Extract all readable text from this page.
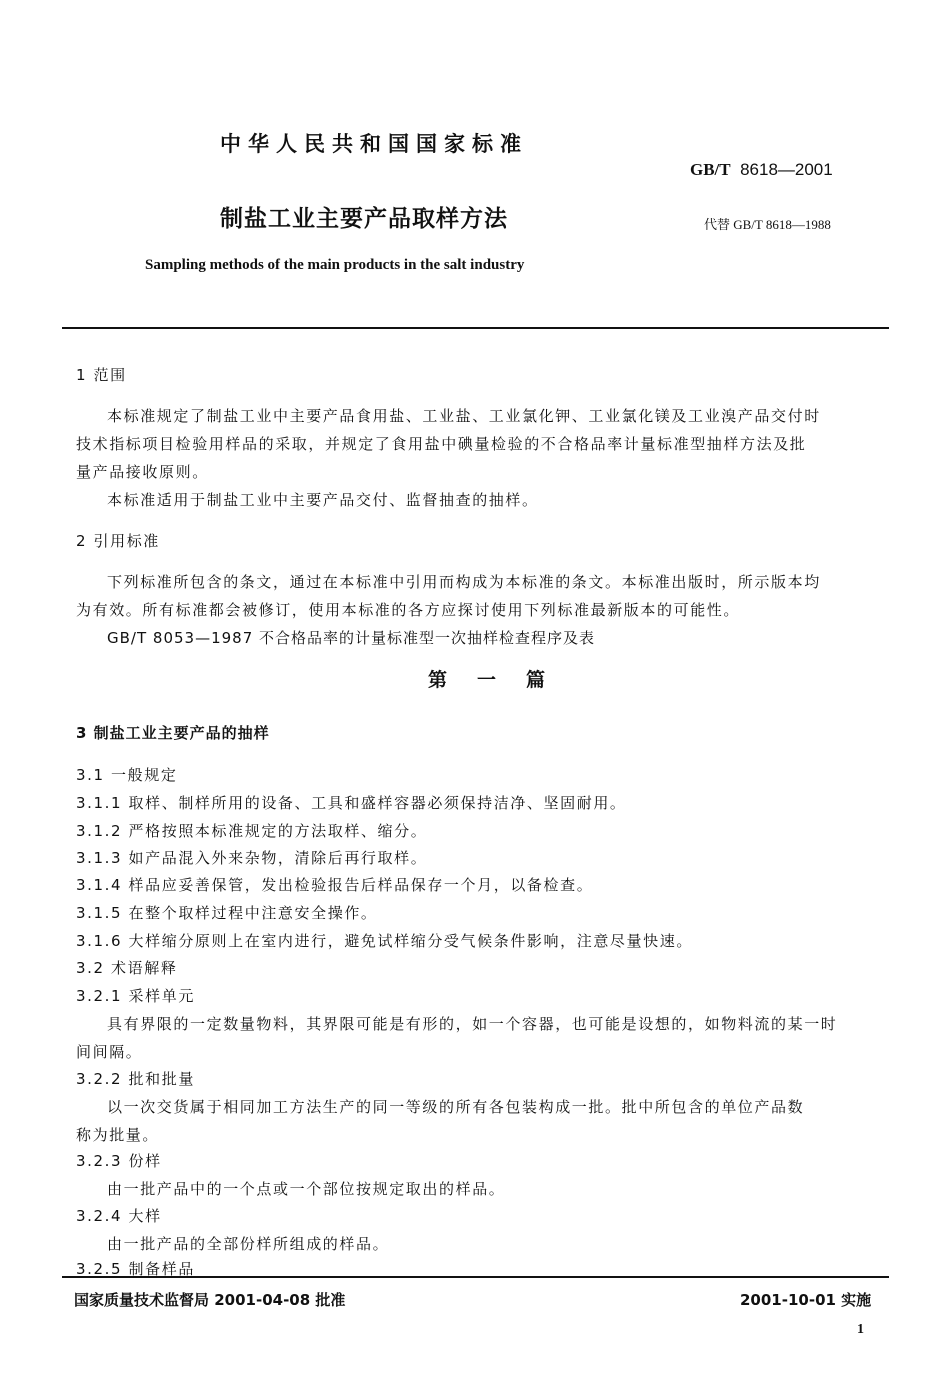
中华人民共和国国家标准
GB/T 8618—2001
制盐工业主要产品取样方法	代替 GB/T 8618—1988
Sampling methods of the main products in the salt industry
1 范围
本标准规定了制盐工业中主要产品食用盐、工业盐、工业氯化钾、工业氯化镁及工业溴产品交付时
技术指标项目检验用样品的采取，并规定了食用盐中碘量检验的不合格品率计量标准型抽样方法及批
量产品接收原则。
本标准适用于制盐工业中主要产品交付、监督抽查的抽样。
2 引用标准
下列标准所包含的条文，通过在本标准中引用而构成为本标准的条文。本标准出版时，所示版本均
为有效。所有标准都会被修订，使用本标准的各方应探讨使用下列标准最新版本的可能性。
GB/T 8053—1987 不合格品率的计量标准型一次抽样检查程序及表
第 一 篇
3 制盐工业主要产品的抽样
3.1 一般规定
3.1.1 取样、制样所用的设备、工具和盛样容器必须保持洁净、坚固耐用。
3.1.2 严格按照本标准规定的方法取样、缩分。
3.1.3 如产品混入外来杂物，清除后再行取样。
3.1.4 样品应妥善保管，发出检验报告后样品保存一个月，以备检查。
3.1.5 在整个取样过程中注意安全操作。
3.1.6 大样缩分原则上在室内进行，避免试样缩分受气候条件影响，注意尽量快速。
3.2 术语解释
3.2.1 采样单元
具有界限的一定数量物料，其界限可能是有形的，如一个容器，也可能是设想的，如物料流的某一时
间间隔。
3.2.2 批和批量
以一次交货属于相同加工方法生产的同一等级的所有各包装构成一批。批中所包含的单位产品数
称为批量。
3.2.3 份样
由一批产品中的一个点或一个部位按规定取出的样品。
3.2.4 大样
由一批产品的全部份样所组成的样品。
3.2.5 制备样品
国家质量技术监督局 2001-04-08 批准	2001-10-01 实施
1
